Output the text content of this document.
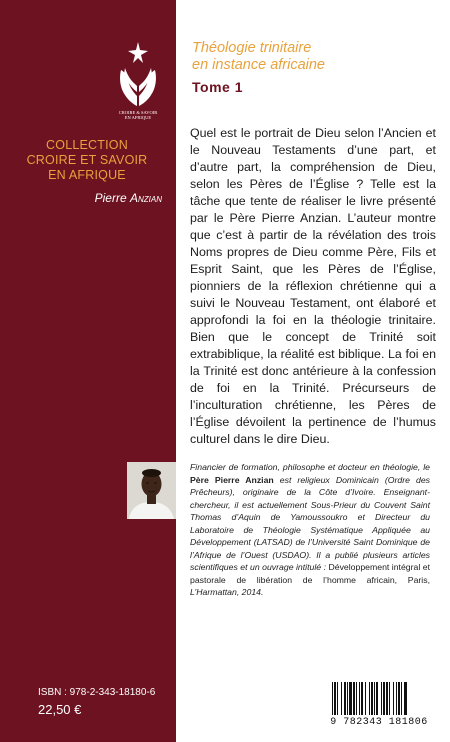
CROIRE & SAVOIR
EN AFRIQUE
COLLECTION
CROIRE ET SAVOIR
EN AFRIQUE
Pierre Anzian
ISBN : 978-2-343-18180-6
22,50 €
Théologie trinitaire
en instance africaine
Tome 1
Quel est le portrait de Dieu selon l’Ancien et le Nouveau Testaments d’une part, et d’autre part, la compréhension de Dieu, selon les Pères de l’Église ? Telle est la tâche que tente de réaliser le livre présenté par le Père Pierre Anzian. L’auteur montre que c’est à partir de la révélation des trois Noms propres de Dieu comme Père, Fils et Esprit Saint, que les Pères de l’Église, pionniers de la réflexion chrétienne qui a suivi le Nouveau Testament, ont élaboré et approfondi la foi en la théologie trinitaire. Bien que le concept de Trinité soit extrabiblique, la réalité est biblique. La foi en la Trinité est donc antérieure à la confession de foi en la Trinité. Précurseurs de l’inculturation chrétienne, les Pères de l’Église dévoilent la pertinence de l’humus culturel dans le dire Dieu.
Financier de formation, philosophe et docteur en théologie, le Père Pierre Anzian est religieux Dominicain (Ordre des Prêcheurs), originaire de la Côte d’Ivoire. Enseignant-chercheur, il est actuellement Sous-Prieur du Couvent Saint Thomas d’Aquin de Yamoussoukro et Directeur du Laboratoire de Théologie Systématique Appliquée au Développement (LATSAD) de l’Université Saint Dominique de l’Afrique de l’Ouest (USDAO). Il a publié plusieurs articles scientifiques et un ouvrage intitulé : Développement intégral et pastorale de libération de l’homme africain, Paris, L’Harmattan, 2014.
9 782343 181806
